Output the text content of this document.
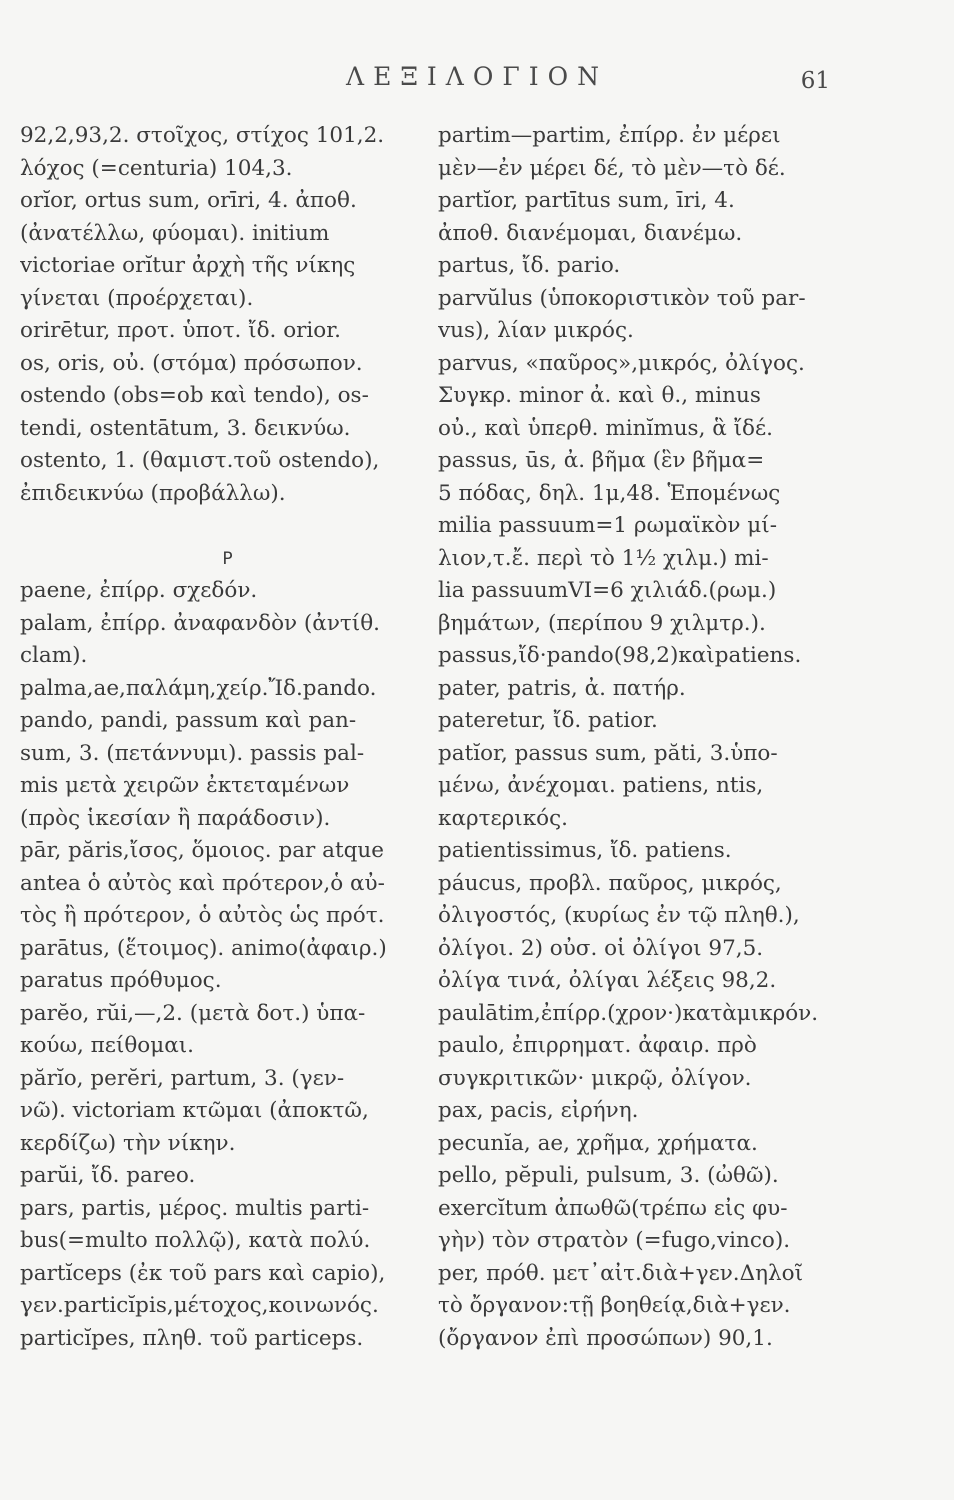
ΛΕΞΙΛΟΓΙΟΝ	61
92,2,93,2. στοῖχος, στίχος 101,2.
λόχος (=centuria) 104,3.
orĭor, ortus sum, orīri, 4. ἀποθ.
(ἀνατέλλω, φύομαι). initium
victoriae orĭtur ἀρχὴ τῆς νίκης
γίνεται (προέρχεται).
orirētur, προτ. ὑποτ. ἴδ. orior.
os, oris, οὐ. (στόμα) πρόσωπον.
ostendo (obs=ob καὶ tendo), os-
tendi, ostentātum, 3. δεικνύω.
ostento, 1. (θαμιστ.τοῦ ostendo),
ἐπιδεικνύω (προβάλλω).
P
paene, ἐπίρρ. σχεδόν.
palam, ἐπίρρ. ἀναφανδὸν (ἀντίθ.
clam).
palma,ae,παλάμη,χείρ.Ἴδ.pando.
pando, pandi, passum καὶ pan-
sum, 3. (πετάννυμι). passis pal-
mis μετὰ χειρῶν ἐκτεταμένων
(πρὸς ἱκεσίαν ἢ παράδοσιν).
pār, păris,ἴσος, ὅμοιος. par atque
antea ὁ αὐτὸς καὶ πρότερον,ὁ αὐ-
τὸς ἢ πρότερον, ὁ αὐτὸς ὡς πρότ.
parātus, (ἕτοιμος). animo(ἀφαιρ.)
paratus πρόθυμος.
parĕo, rŭi,—,2. (μετὰ δοτ.) ὑπα-
κούω, πείθομαι.
părĭo, perĕri, partum, 3. (γεν-
νῶ). victoriam κτῶμαι (ἀποκτῶ,
κερδίζω) τὴν νίκην.
parŭi, ἴδ. pareo.
pars, partis, μέρος. multis parti-
bus(=multo πολλῷ), κατὰ πολύ.
partĭceps (ἐκ τοῦ pars καὶ capio),
γεν.particĭpis,μέτοχος,κοινωνός.
particĭpes, πληθ. τοῦ particeps.
partim—partim, ἐπίρρ. ἐν μέρει
μὲν—ἐν μέρει δέ, τὸ μὲν—τὸ δέ.
partĭor, partītus sum, īri, 4.
ἀποθ. διανέμομαι, διανέμω.
partus, ἴδ. pario.
parvŭlus (ὑποκοριστικὸν τοῦ par-
vus), λίαν μικρός.
parvus, «παῦρος»,μικρός, ὀλίγος.
Συγκρ. minor ἀ. καὶ θ., minus
οὐ., καὶ ὑπερθ. minĭmus, ἃ ἴδέ.
passus, ūs, ἀ. βῆμα (ἓν βῆμα=
5 πόδας, δηλ. 1μ,48. Ἑπομένως
milia passuum=1 ρωμαϊκὸν μί-
λιον,τ.ἔ. περὶ τὸ 1½ χιλμ.) mi-
lia passuumVI=6 χιλιάδ.(ρωμ.)
βημάτων, (περίπου 9 χιλμτρ.).
passus,ἴδ·pando(98,2)καὶpatiens.
pater, patris, ἀ. πατήρ.
pateretur, ἴδ. patior.
patĭor, passus sum, păti, 3.ὑπο-
μένω, ἀνέχομαι. patiens, ntis,
καρτερικός.
patientissimus, ἴδ. patiens.
páucus, προβλ. παῦρος, μικρός,
ὀλιγοστός, (κυρίως ἐν τῷ πληθ.),
ὀλίγοι. 2) οὐσ. οἱ ὀλίγοι 97,5.
ὀλίγα τινά, ὀλίγαι λέξεις 98,2.
paulātim,ἐπίρρ.(χρον·)κατὰμικρόν.
paulo, ἐπιρρηματ. ἀφαιρ. πρὸ
συγκριτικῶν· μικρῷ, ὀλίγον.
pax, pacis, εἰρήνη.
pecunĭa, ae, χρῆμα, χρήματα.
pello, pĕpuli, pulsum, 3. (ὠθῶ).
exercĭtum ἀπωθῶ(τρέπω εἰς φυ-
γὴν) τὸν στρατὸν (=fugo,vinco).
per, πρόθ. μετ᾽αἰτ.διὰ+γεν.Δηλοῖ
τὸ ὄργανον:τῇ βοηθείᾳ,διὰ+γεν.
(ὄργανον ἐπὶ προσώπων) 90,1.
